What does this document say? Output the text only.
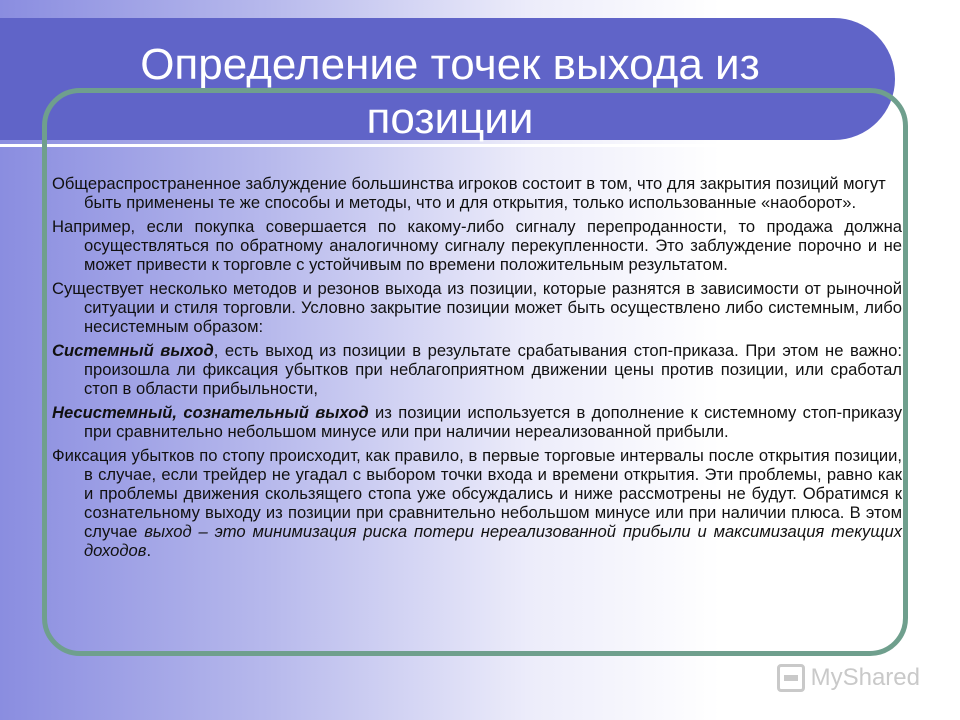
Определение точек выхода из
позиции

Общераспространенное заблуждение большинства игроков состоит в том, что для закрытия позиций могут быть применены те же способы и методы, что и для открытия, только использованные «наоборот».

Например, если покупка совершается по какому-либо сигналу перепроданности, то продажа должна осуществляться по обратному аналогичному сигналу перекупленности. Это заблуждение порочно и не может привести к торговле с устойчивым по времени положительным результатом.

Существует несколько методов и резонов выхода из позиции, которые разнятся в зависимости от рыночной ситуации и стиля торговли. Условно закрытие позиции может быть осуществлено либо системным, либо несистемным образом:

Системный выход, есть выход из позиции в результате срабатывания стоп-приказа. При этом не важно: произошла ли фиксация убытков при неблагоприятном движении цены против позиции, или сработал стоп в области прибыльности,

Несистемный, сознательный выход из позиции используется в дополнение к системному стоп-приказу при сравнительно небольшом минусе или при наличии нереализованной прибыли.

Фиксация убытков по стопу происходит, как правило, в первые торговые интервалы после открытия позиции, в случае, если трейдер не угадал с выбором точки входа и времени открытия. Эти проблемы, равно как и проблемы движения скользящего стопа уже обсуждались и ниже рассмотрены не будут. Обратимся к сознательному выходу из позиции при сравнительно небольшом минусе или при наличии плюса. В этом случае выход – это минимизация риска потери нереализованной прибыли и максимизация текущих доходов.

MyShared
